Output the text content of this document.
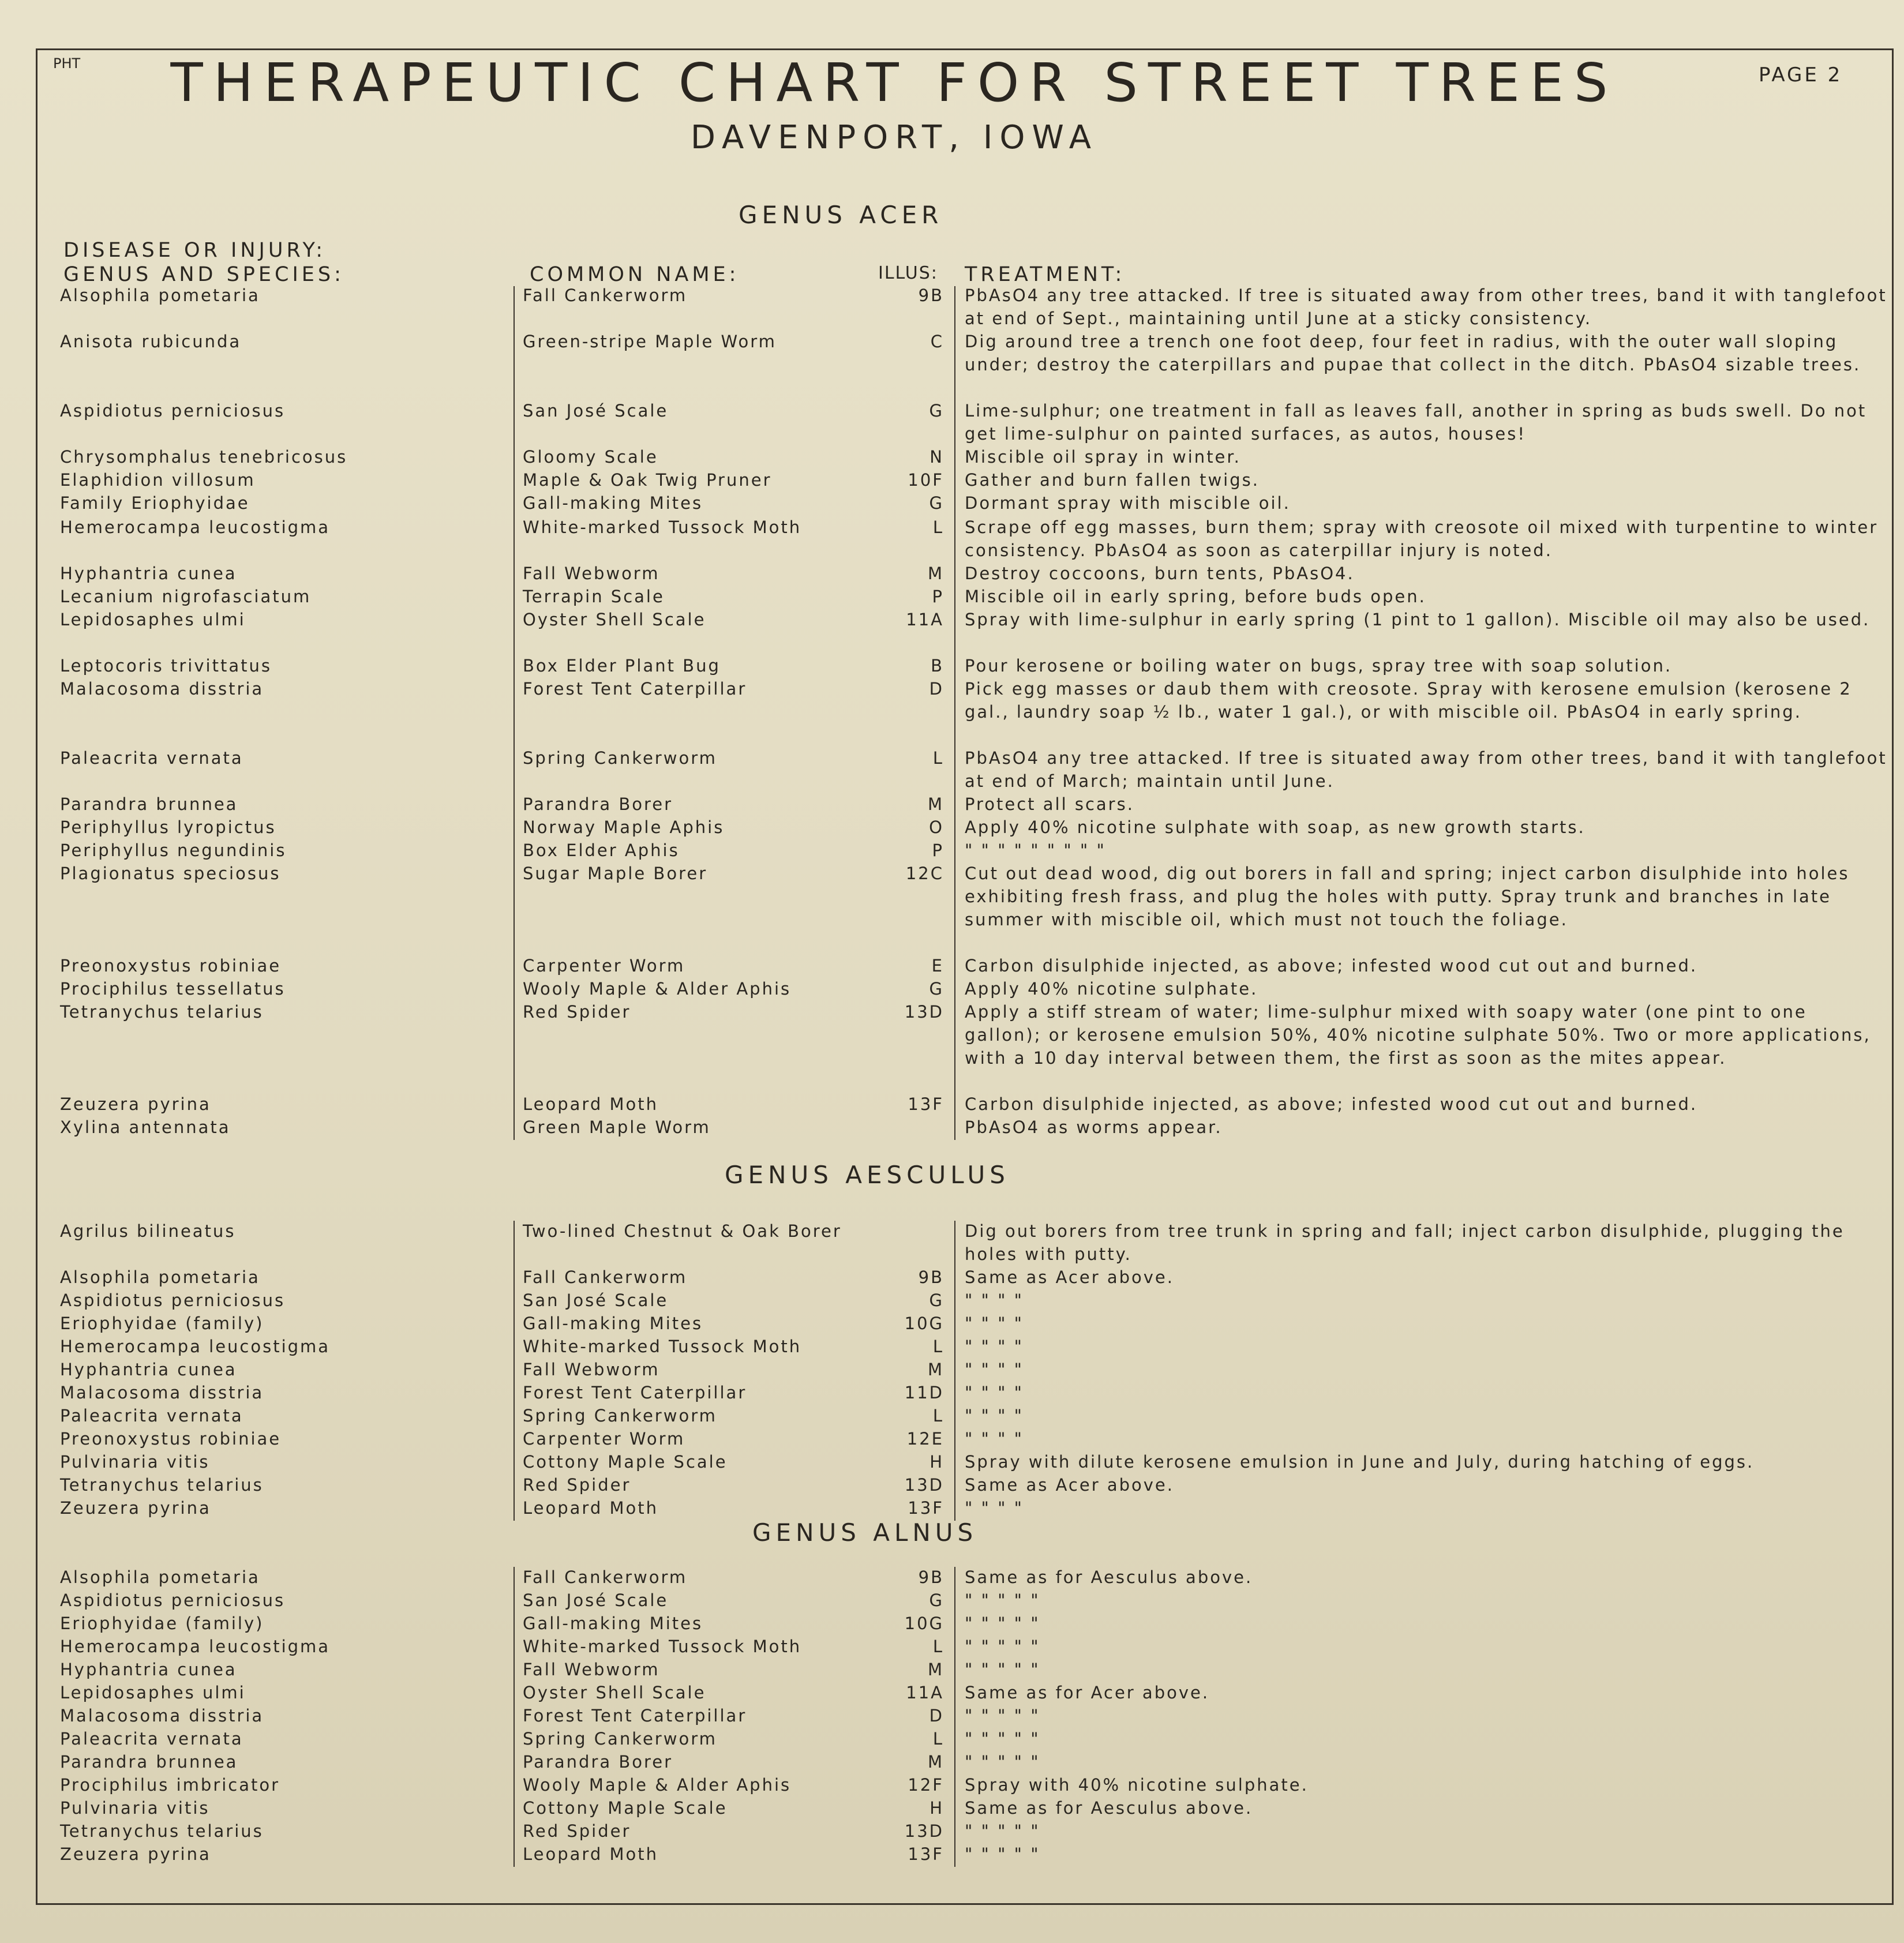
PHT	THERAPEUTIC CHART FOR STREET TREES	PAGE 2
DAVENPORT, IOWA
DISEASE OR INJURY:
GENUS AND SPECIES:	COMMON NAME:	ILLUS: TREATMENT:
GENUS ACER
Alsophila pometaria	Fall Cankerworm	9B PbAsO4 any tree attacked. If tree is situated away from other trees, band it with tanglefoot at end of Sept., maintaining until June at a sticky consistency.
Anisota rubicunda	Green-stripe Maple Worm	C Dig around tree a trench one foot deep, four feet in radius, with the outer wall sloping under; destroy the caterpillars and pupae that collect in the ditch. PbAsO4 sizable trees.
Aspidiotus perniciosus	San José Scale	G Lime-sulphur; one treatment in fall as leaves fall, another in spring as buds swell. Do not get lime-sulphur on painted surfaces, as autos, houses!
Chrysomphalus tenebricosus	Gloomy Scale	N Miscible oil spray in winter.
Elaphidion villosum	Maple & Oak Twig Pruner	10F Gather and burn fallen twigs.
Family Eriophyidae	Gall-making Mites	G Dormant spray with miscible oil.
Hemerocampa leucostigma	White-marked Tussock Moth	L Scrape off egg masses, burn them; spray with creosote oil mixed with turpentine to winter consistency. PbAsO4 as soon as caterpillar injury is noted.
Hyphantria cunea	Fall Webworm	M Destroy coccoons, burn tents, PbAsO4.
Lecanium nigrofasciatum	Terrapin Scale	P Miscible oil in early spring, before buds open.
Lepidosaphes ulmi	Oyster Shell Scale	11A Spray with lime-sulphur in early spring (1 pint to 1 gallon). Miscible oil may also be used.
Leptocoris trivittatus	Box Elder Plant Bug	B Pour kerosene or boiling water on bugs, spray tree with soap solution.
Malacosoma disstria	Forest Tent Caterpillar	D Pick egg masses or daub them with creosote. Spray with kerosene emulsion (kerosene 2 gal., laundry soap ½ lb., water 1 gal.), or with miscible oil. PbAsO4 in early spring.
Paleacrita vernata	Spring Cankerworm	L PbAsO4 any tree attacked. If tree is situated away from other trees, band it with tanglefoot at end of March; maintain until June.
Parandra brunnea	Parandra Borer	M Protect all scars.
Periphyllus lyropictus	Norway Maple Aphis	O Apply 40% nicotine sulphate with soap, as new growth starts.
Periphyllus negundinis	Box Elder Aphis	P " " " " " " " " "
Plagionatus speciosus	Sugar Maple Borer	12C Cut out dead wood, dig out borers in fall and spring; inject carbon disulphide into holes exhibiting fresh frass, and plug the holes with putty. Spray trunk and branches in late summer with miscible oil, which must not touch the foliage.
Preonoxystus robiniae	Carpenter Worm	E Carbon disulphide injected, as above; infested wood cut out and burned.
Prociphilus tessellatus	Wooly Maple & Alder Aphis	G Apply 40% nicotine sulphate.
Tetranychus telarius	Red Spider	13D Apply a stiff stream of water; lime-sulphur mixed with soapy water (one pint to one gallon); or kerosene emulsion 50%, 40% nicotine sulphate 50%. Two or more applications, with a 10 day interval between them, the first as soon as the mites appear.
Zeuzera pyrina	Leopard Moth	13F Carbon disulphide injected, as above; infested wood cut out and burned.
Xylina antennata	Green Maple Worm	PbAsO4 as worms appear.
GENUS AESCULUS
Agrilus bilineatus	Two-lined Chestnut & Oak Borer	Dig out borers from tree trunk in spring and fall; inject carbon disulphide, plugging the holes with putty.
Alsophila pometaria	Fall Cankerworm	9B Same as Acer above.
Aspidiotus perniciosus	San José Scale	G " " " "
Eriophyidae (family)	Gall-making Mites	10G " " " "
Hemerocampa leucostigma	White-marked Tussock Moth	L " " " "
Hyphantria cunea	Fall Webworm	M " " " "
Malacosoma disstria	Forest Tent Caterpillar	11D " " " "
Paleacrita vernata	Spring Cankerworm	L " " " "
Preonoxystus robiniae	Carpenter Worm	12E " " " "
Pulvinaria vitis	Cottony Maple Scale	H Spray with dilute kerosene emulsion in June and July, during hatching of eggs.
Tetranychus telarius	Red Spider	13D Same as Acer above.
Zeuzera pyrina	Leopard Moth	13F " " " "
GENUS ALNUS
Alsophila pometaria	Fall Cankerworm	9B Same as for Aesculus above.
Aspidiotus perniciosus	San José Scale	G " " " " "
Eriophyidae (family)	Gall-making Mites	10G " " " " "
Hemerocampa leucostigma	White-marked Tussock Moth	L " " " " "
Hyphantria cunea	Fall Webworm	M " " " " "
Lepidosaphes ulmi	Oyster Shell Scale	11A Same as for Acer above.
Malacosoma disstria	Forest Tent Caterpillar	D " " " " "
Paleacrita vernata	Spring Cankerworm	L " " " " "
Parandra brunnea	Parandra Borer	M " " " " "
Prociphilus imbricator	Wooly Maple & Alder Aphis	12F Spray with 40% nicotine sulphate.
Pulvinaria vitis	Cottony Maple Scale	H Same as for Aesculus above.
Tetranychus telarius	Red Spider	13D " " " " "
Zeuzera pyrina	Leopard Moth	13F " " " " "
